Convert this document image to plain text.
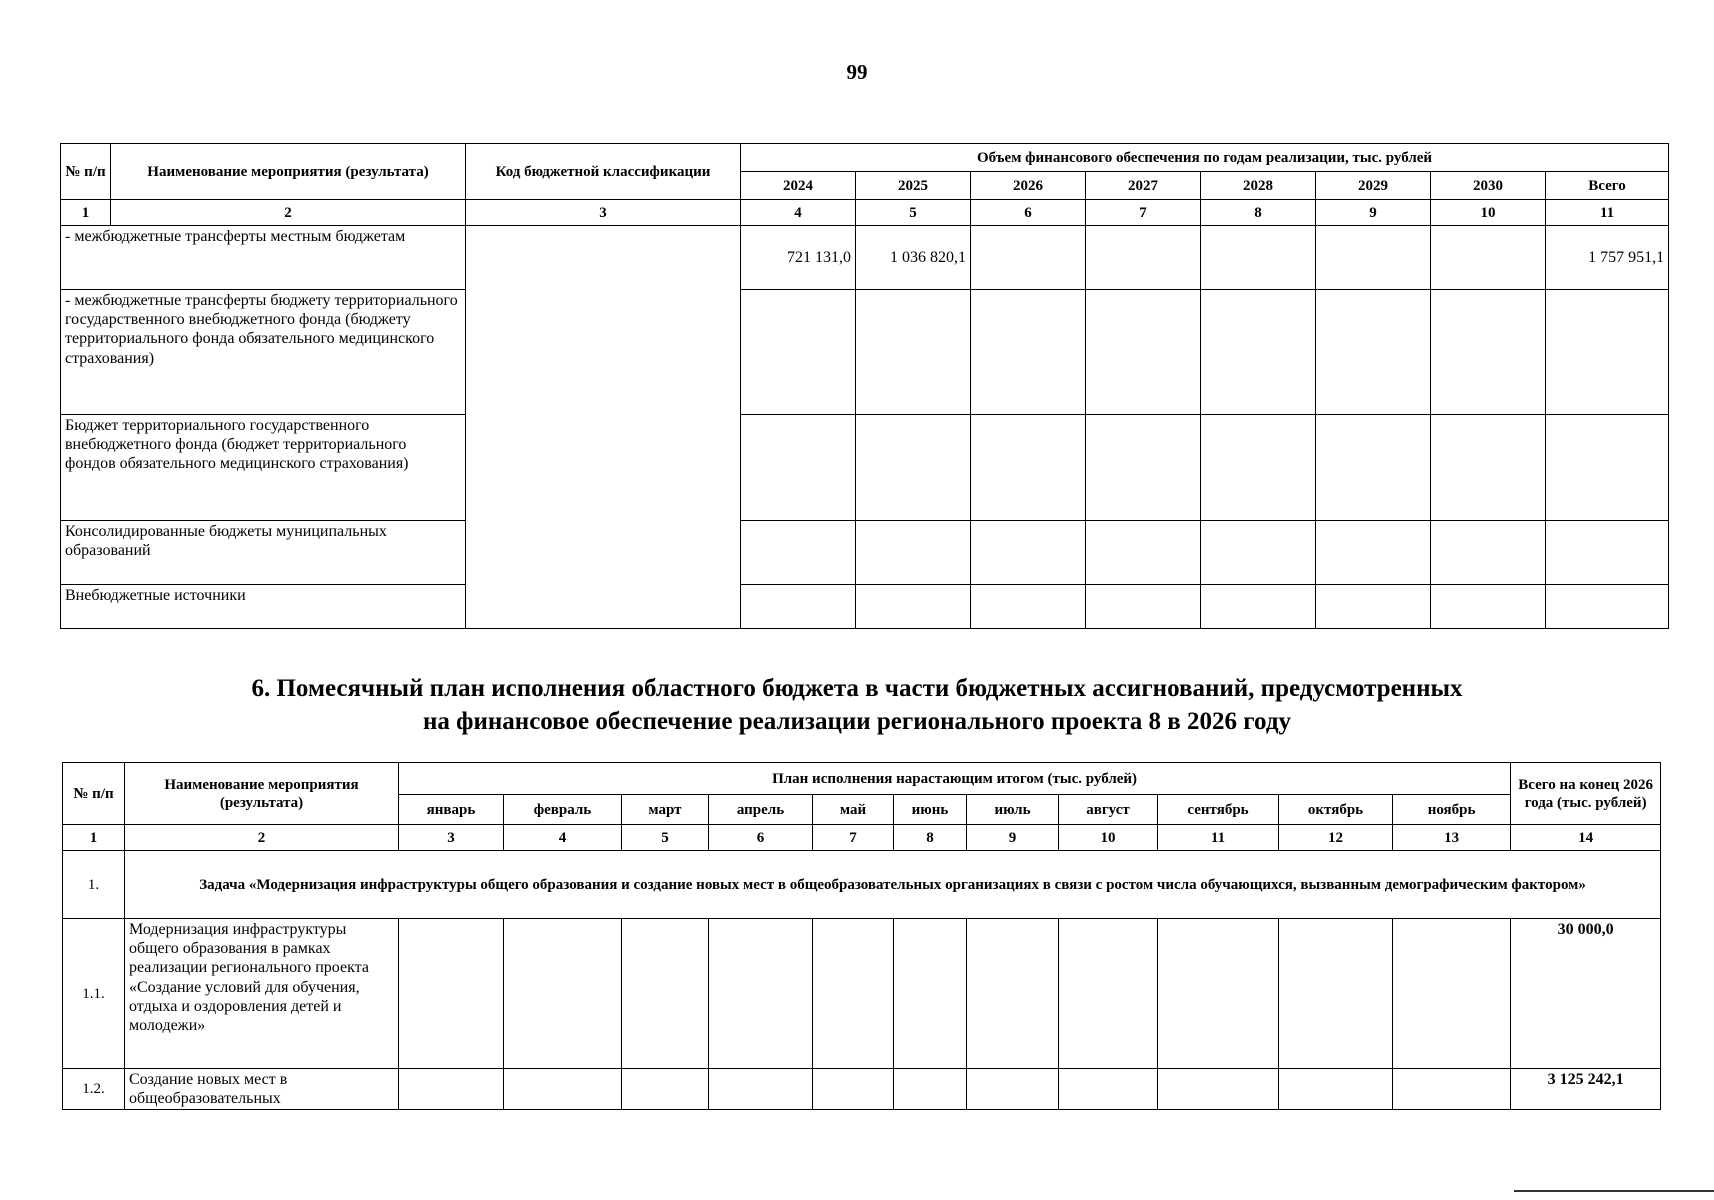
99
№ п/п	Наименование мероприятия (результата)	Код бюджетной классификации	Объем финансового обеспечения по годам реализации, тыс. рублей							
			2024	2025	2026	2027	2028	2029	2030	Всего
1	2	3	4	5	6	7	8	9	10	11
- межбюджетные трансферты местным бюджетам			721 131,0	1 036 820,1						1 757 951,1
- межбюджетные трансферты бюджету территориального государственного внебюджетного фонда (бюджету территориального фонда обязательного медицинского страхования)										
Бюджет территориального государственного внебюджетного фонда (бюджет территориального фондов обязательного медицинского страхования)										
Консолидированные бюджеты муниципальных образований										
Внебюджетные источники										
6. Помесячный план исполнения областного бюджета в части бюджетных ассигнований, предусмотренных
на финансовое обеспечение реализации регионального проекта 8 в 2026 году
№ п/п	Наименование мероприятия (результата)	План исполнения нарастающим итогом (тыс. рублей)											Всего на конец 2026 года (тыс. рублей)
		январь	февраль	март	апрель	май	июнь	июль	август	сентябрь	октябрь	ноябрь	
1	2	3	4	5	6	7	8	9	10	11	12	13	14
1.	Задача «Модернизация инфраструктуры общего образования и создание новых мест в общеобразовательных организациях в связи с ростом числа обучающихся, вызванным демографическим фактором»												
1.1.	Модернизация инфраструктуры общего образования в рамках реализации регионального проекта «Создание условий для обучения, отдыха и оздоровления детей и молодежи»												30 000,0
1.2.	Создание новых мест в общеобразовательных												3 125 242,1
